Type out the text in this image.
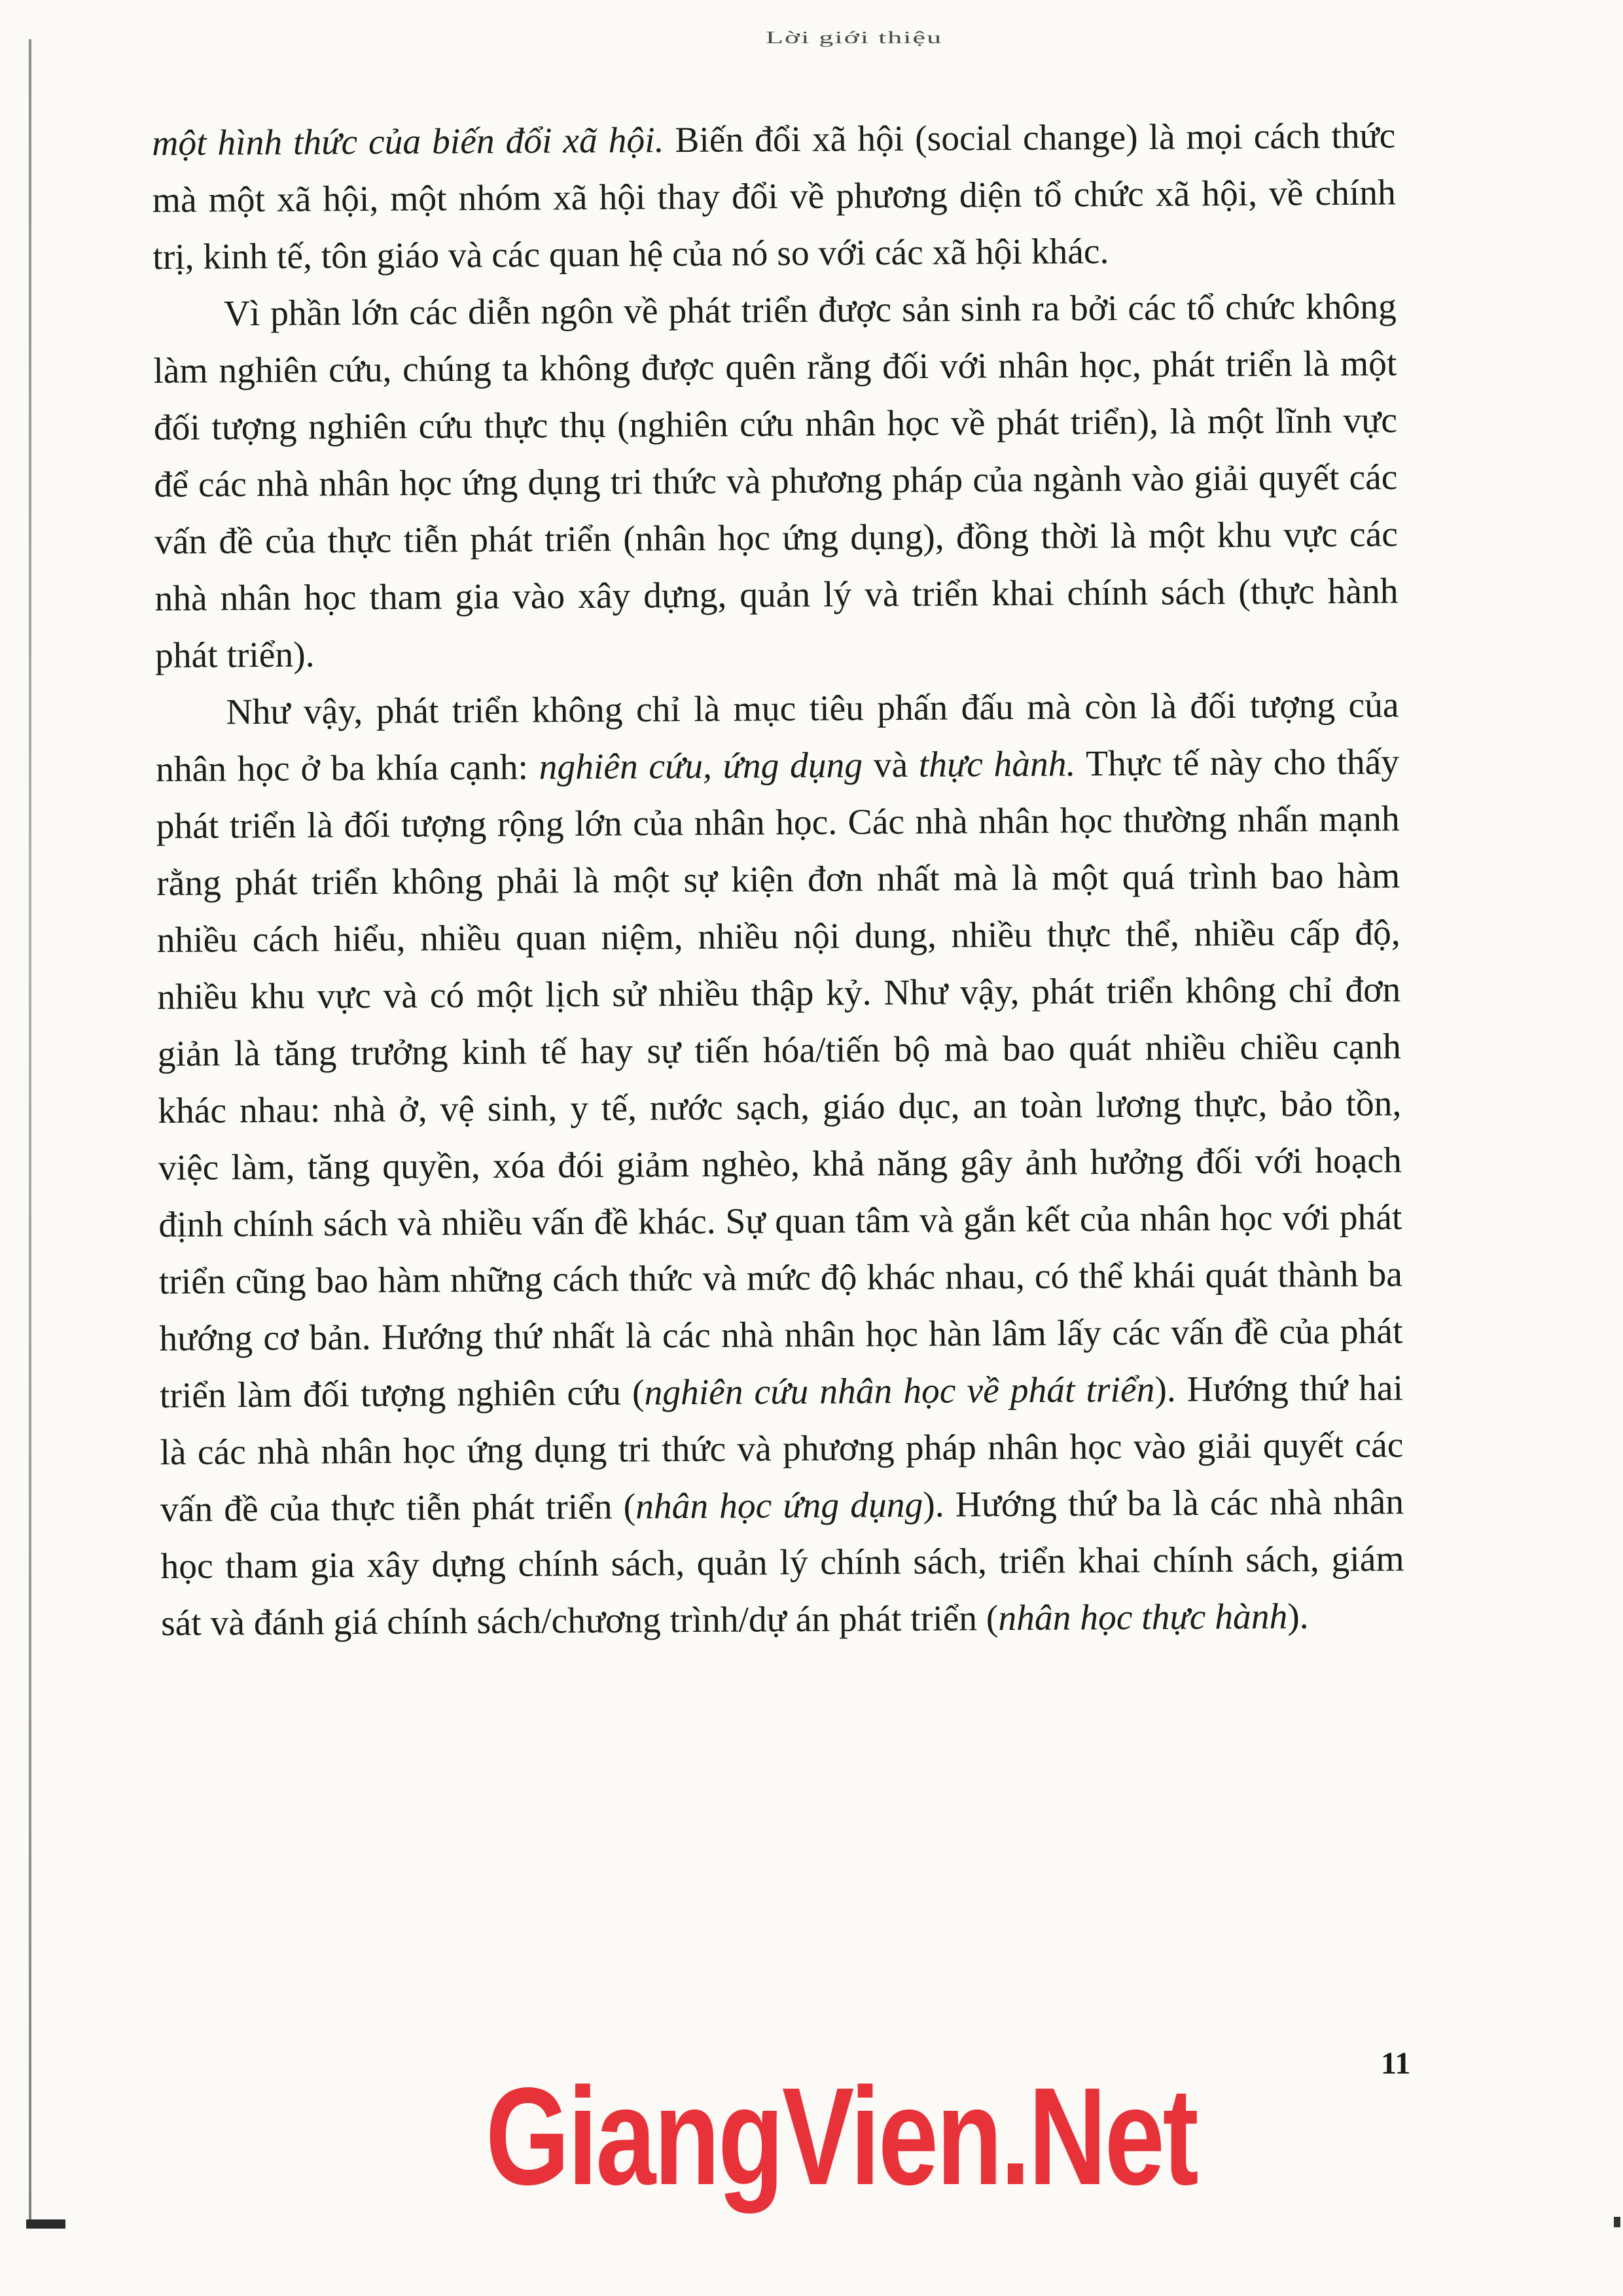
Lời giới thiệu

một hình thức của biến đổi xã hội. Biến đổi xã hội (social change) là mọi cách thức mà một xã hội, một nhóm xã hội thay đổi về phương diện tổ chức xã hội, về chính trị, kinh tế, tôn giáo và các quan hệ của nó so với các xã hội khác.

Vì phần lớn các diễn ngôn về phát triển được sản sinh ra bởi các tổ chức không làm nghiên cứu, chúng ta không được quên rằng đối với nhân học, phát triển là một đối tượng nghiên cứu thực thụ (nghiên cứu nhân học về phát triển), là một lĩnh vực để các nhà nhân học ứng dụng tri thức và phương pháp của ngành vào giải quyết các vấn đề của thực tiễn phát triển (nhân học ứng dụng), đồng thời là một khu vực các nhà nhân học tham gia vào xây dựng, quản lý và triển khai chính sách (thực hành phát triển).

Như vậy, phát triển không chỉ là mục tiêu phấn đấu mà còn là đối tượng của nhân học ở ba khía cạnh: nghiên cứu, ứng dụng và thực hành. Thực tế này cho thấy phát triển là đối tượng rộng lớn của nhân học. Các nhà nhân học thường nhấn mạnh rằng phát triển không phải là một sự kiện đơn nhất mà là một quá trình bao hàm nhiều cách hiểu, nhiều quan niệm, nhiều nội dung, nhiều thực thể, nhiều cấp độ, nhiều khu vực và có một lịch sử nhiều thập kỷ. Như vậy, phát triển không chỉ đơn giản là tăng trưởng kinh tế hay sự tiến hóa/tiến bộ mà bao quát nhiều chiều cạnh khác nhau: nhà ở, vệ sinh, y tế, nước sạch, giáo dục, an toàn lương thực, bảo tồn, việc làm, tăng quyền, xóa đói giảm nghèo, khả năng gây ảnh hưởng đối với hoạch định chính sách và nhiều vấn đề khác. Sự quan tâm và gắn kết của nhân học với phát triển cũng bao hàm những cách thức và mức độ khác nhau, có thể khái quát thành ba hướng cơ bản. Hướng thứ nhất là các nhà nhân học hàn lâm lấy các vấn đề của phát triển làm đối tượng nghiên cứu (nghiên cứu nhân học về phát triển). Hướng thứ hai là các nhà nhân học ứng dụng tri thức và phương pháp nhân học vào giải quyết các vấn đề của thực tiễn phát triển (nhân học ứng dụng). Hướng thứ ba là các nhà nhân học tham gia xây dựng chính sách, quản lý chính sách, triển khai chính sách, giám sát và đánh giá chính sách/chương trình/dự án phát triển (nhân học thực hành).

11
GiangVien.Net
